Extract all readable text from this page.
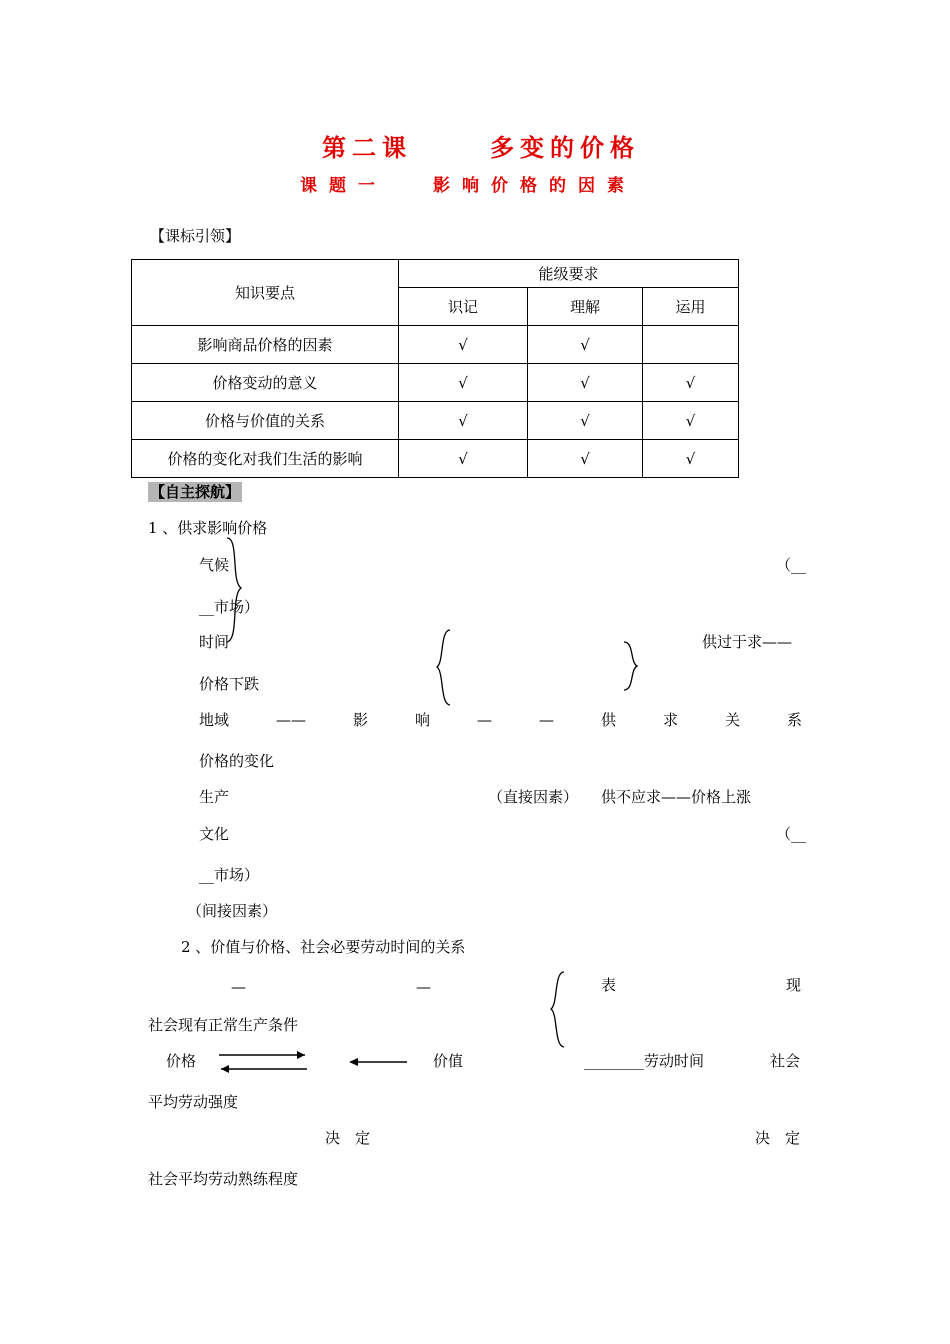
第二课	多变的价格
课题一	影响价格的因素
【课标引领】
知识要点	能级要求		
	识记	理解	运用
影响商品价格的因素	√	√	
价格变动的意义	√	√	√
价格与价值的关系	√	√	√
价格的变化对我们生活的影响	√	√	√
【自主探航】
1 、供求影响价格
气候	（__
__市场）
时间	供过于求——
价格下跌
地域	——	影	响	—	—	供	求	关	系
价格的变化
生产	（直接因素） 供不应求——价格上涨
文化	（__
__市场）
（间接因素）
2 、价值与价格、社会必要劳动时间的关系
—	—	表	现
社会现有正常生产条件
价格	价值	________劳动时间	社会
平均劳动强度
决　定	决　定
社会平均劳动熟练程度
